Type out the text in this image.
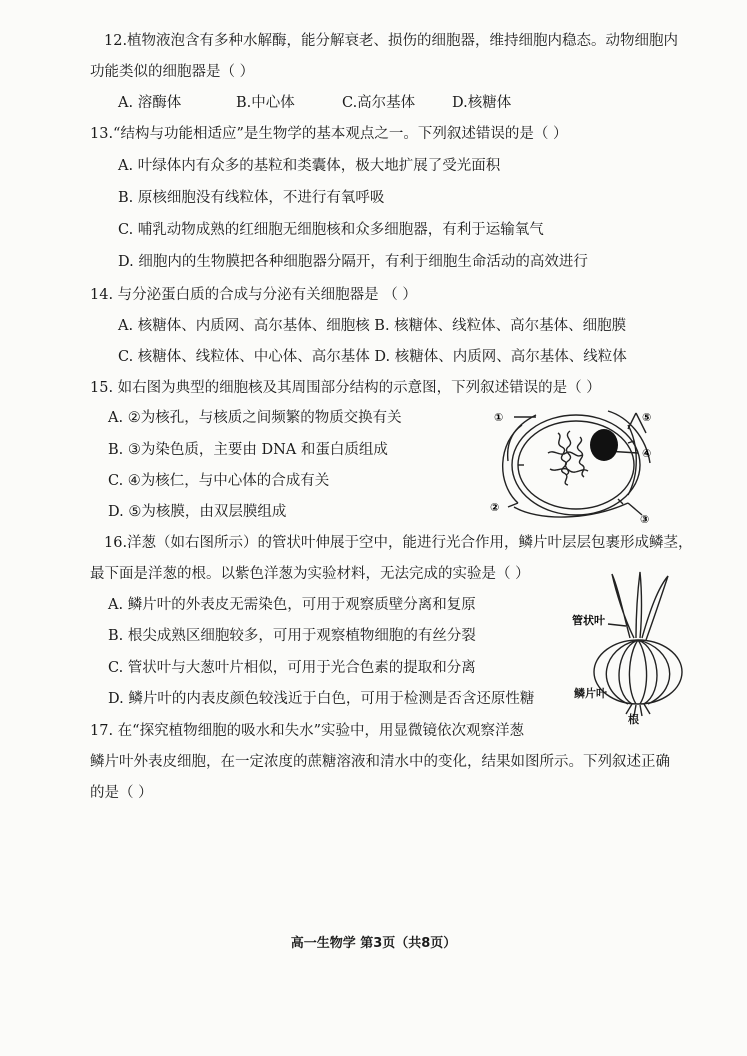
12.植物液泡含有多种水解酶，能分解衰老、损伤的细胞器，维持细胞内稳态。动物细胞内
功能类似的细胞器是（ ）
A. 溶酶体	B.中心体	C.高尔基体	D.核糖体
13.“结构与功能相适应”是生物学的基本观点之一。下列叙述错误的是（ ）
A. 叶绿体内有众多的基粒和类囊体，极大地扩展了受光面积
B. 原核细胞没有线粒体，不进行有氧呼吸
C. 哺乳动物成熟的红细胞无细胞核和众多细胞器，有利于运输氧气
D. 细胞内的生物膜把各种细胞器分隔开，有利于细胞生命活动的高效进行
14. 与分泌蛋白质的合成与分泌有关细胞器是 （ ）
A. 核糖体、内质网、高尔基体、细胞核 B. 核糖体、线粒体、高尔基体、细胞膜
C. 核糖体、线粒体、中心体、高尔基体 D. 核糖体、内质网、高尔基体、线粒体
15. 如右图为典型的细胞核及其周围部分结构的示意图，下列叙述错误的是（ ）
A. ②为核孔，与核质之间频繁的物质交换有关
B. ③为染色质，主要由 DNA 和蛋白质组成
C. ④为核仁，与中心体的合成有关
D. ⑤为核膜，由双层膜组成
①
②
③
④
⑤
16.洋葱（如右图所示）的管状叶伸展于空中，能进行光合作用，鳞片叶层层包裹形成鳞茎，
最下面是洋葱的根。以紫色洋葱为实验材料，无法完成的实验是（ ）
A. 鳞片叶的外表皮无需染色，可用于观察质壁分离和复原
B. 根尖成熟区细胞较多，可用于观察植物细胞的有丝分裂
C. 管状叶与大葱叶片相似，可用于光合色素的提取和分离
D. 鳞片叶的内表皮颜色较浅近于白色，可用于检测是否含还原性糖
管状叶
鳞片叶
根
17. 在“探究植物细胞的吸水和失水”实验中，用显微镜依次观察洋葱
鳞片叶外表皮细胞，在一定浓度的蔗糖溶液和清水中的变化，结果如图所示。下列叙述正确
的是（ ）
高一生物学 第3页（共8页）
